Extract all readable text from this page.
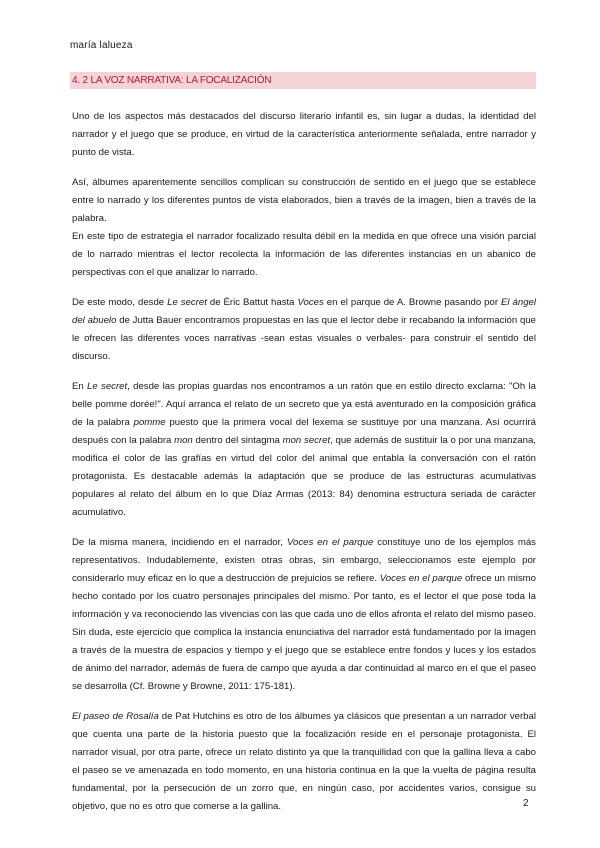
maría lalueza
4. 2 LA VOZ NARRATIVA: LA FOCALIZACIÓN

Uno de los aspectos más destacados del discurso literario infantil es, sin lugar a dudas, la identidad del narrador y el juego que se produce, en virtud de la característica anteriormente señalada, entre narrador y punto de vista.

Así, álbumes aparentemente sencillos complican su construcción de sentido en el juego que se establece entre lo narrado y los diferentes puntos de vista elaborados, bien a través de la imagen, bien a través de la palabra.

En este tipo de estrategia el narrador focalizado resulta débil en la medida en que ofrece una visión parcial de lo narrado mientras el lector recolecta la información de las diferentes instancias en un abanico de perspectivas con el que analizar lo narrado.

De este modo, desde Le secret de Éric Battut hasta Voces en el parque de A. Browne pasando por El ángel del abuelo de Jutta Bauer encontramos propuestas en las que el lector debe ir recabando la información que le ofrecen las diferentes voces narrativas -sean estas visuales o verbales- para construir el sentido del discurso.

En Le secret, desde las propias guardas nos encontramos a un ratón que en estilo directo exclama: "Oh la belle pomme dorée!". Aquí arranca el relato de un secreto que ya está aventurado en la composición gráfica de la palabra pomme puesto que la primera vocal del lexema se sustituye por una manzana. Así ocurrirá después con la palabra mon dentro del sintagma mon secret, que además de sustituir la o por una manzana, modifica el color de las grafías en virtud del color del animal que entabla la conversación con el ratón protagonista. Es destacable además la adaptación que se produce de las estructuras acumulativas populares al relato del álbum en lo que Díaz Armas (2013: 84) denomina estructura seriada de carácter acumulativo.

De la misma manera, incidiendo en el narrador, Voces en el parque constituye uno de los ejemplos más representativos. Indudablemente, existen otras obras, sin embargo, seleccionamos este ejemplo por considerarlo muy eficaz en lo que a destrucción de prejuicios se refiere. Voces en el parque ofrece un mismo hecho contado por los cuatro personajes principales del mismo. Por tanto, es el lector el que pose toda la información y va reconociendo las vivencias con las que cada uno de ellos afronta el relato del mismo paseo. Sin duda, este ejercicio que complica la instancia enunciativa del narrador está fundamentado por la imagen a través de la muestra de espacios y tiempo y el juego que se establece entre fondos y luces y los estados de ánimo del narrador, además de fuera de campo que ayuda a dar continuidad al marco en el que el paseo se desarrolla (Cf. Browne y Browne, 2011: 175-181).

El paseo de Rosalía de Pat Hutchins es otro de los álbumes ya clásicos que presentan a un narrador verbal que cuenta una parte de la historia puesto que la focalización reside en el personaje protagonista. El narrador visual, por otra parte, ofrece un relato distinto ya que la tranquilidad con que la gallina lleva a cabo el paseo se ve amenazada en todo momento, en una historia continua en la que la vuelta de página resulta fundamental, por la persecución de un zorro que, en ningún caso, por accidentes varios, consigue su objetivo, que no es otro que comerse a la gallina.	2
